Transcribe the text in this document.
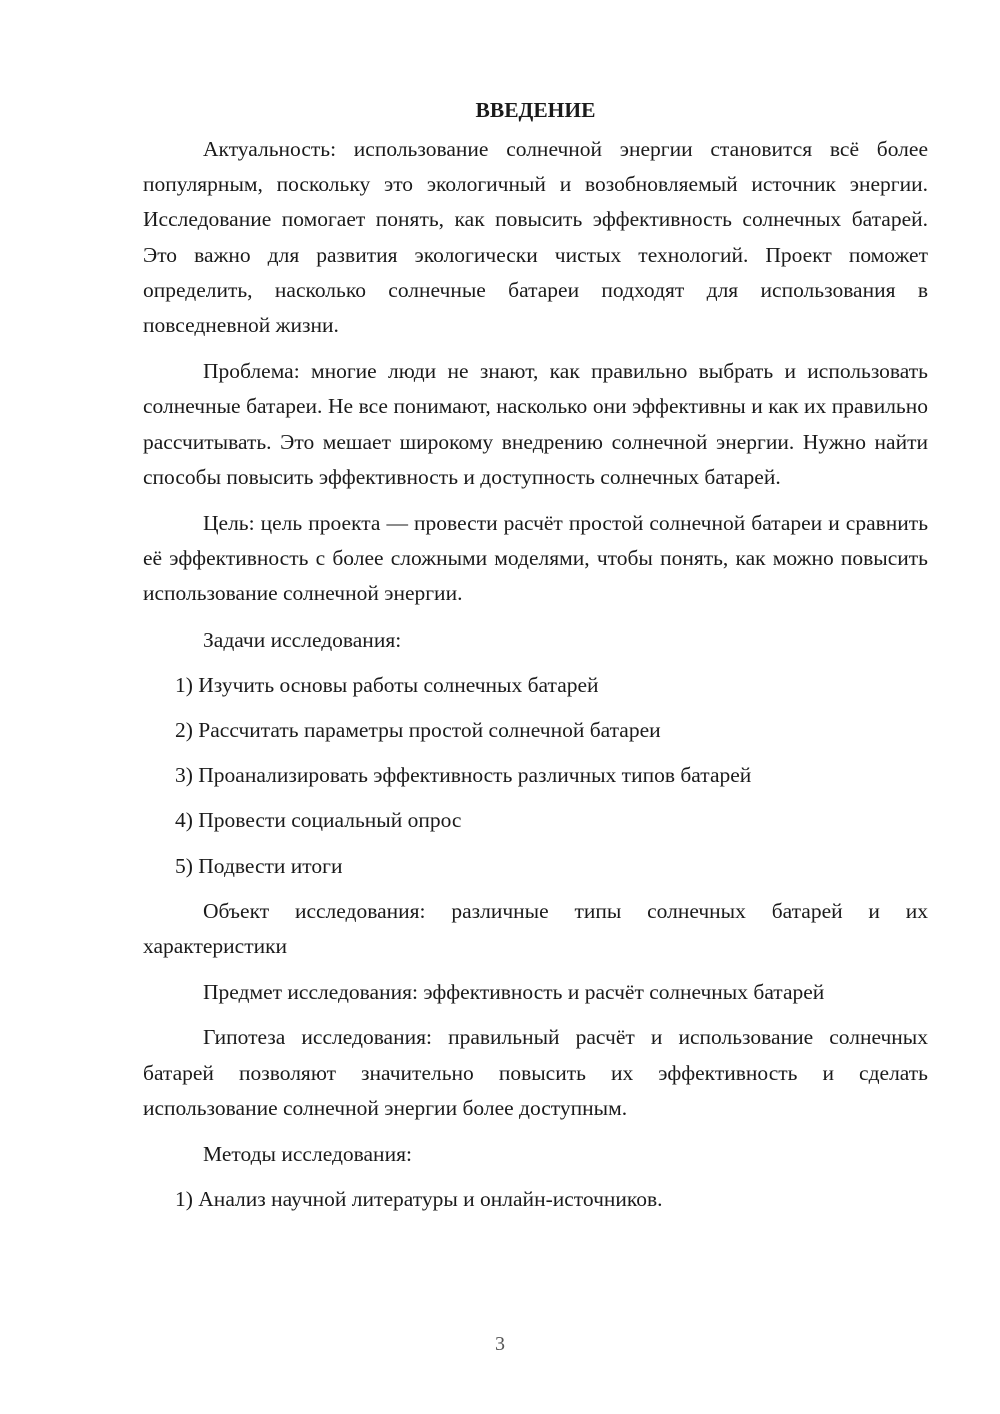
ВВЕДЕНИЕ

Актуальность: использование солнечной энергии становится всё более популярным, поскольку это экологичный и возобновляемый источник энергии. Исследование помогает понять, как повысить эффективность солнечных батарей. Это важно для развития экологически чистых технологий. Проект поможет определить, насколько солнечные батареи подходят для использования в повседневной жизни.

Проблема: многие люди не знают, как правильно выбрать и использовать солнечные батареи. Не все понимают, насколько они эффективны и как их правильно рассчитывать. Это мешает широкому внедрению солнечной энергии. Нужно найти способы повысить эффективность и доступность солнечных батарей.

Цель: цель проекта — провести расчёт простой солнечной батареи и сравнить её эффективность с более сложными моделями, чтобы понять, как можно повысить использование солнечной энергии.

Задачи исследования:

1) Изучить основы работы солнечных батарей
2) Рассчитать параметры простой солнечной батареи
3) Проанализировать эффективность различных типов батарей
4) Провести социальный опрос
5) Подвести итоги

Объект исследования: различные типы солнечных батарей и их характеристики

Предмет исследования: эффективность и расчёт солнечных батарей

Гипотеза исследования: правильный расчёт и использование солнечных батарей позволяют значительно повысить их эффективность и сделать использование солнечной энергии более доступным.

Методы исследования:

1) Анализ научной литературы и онлайн-источников.
3
